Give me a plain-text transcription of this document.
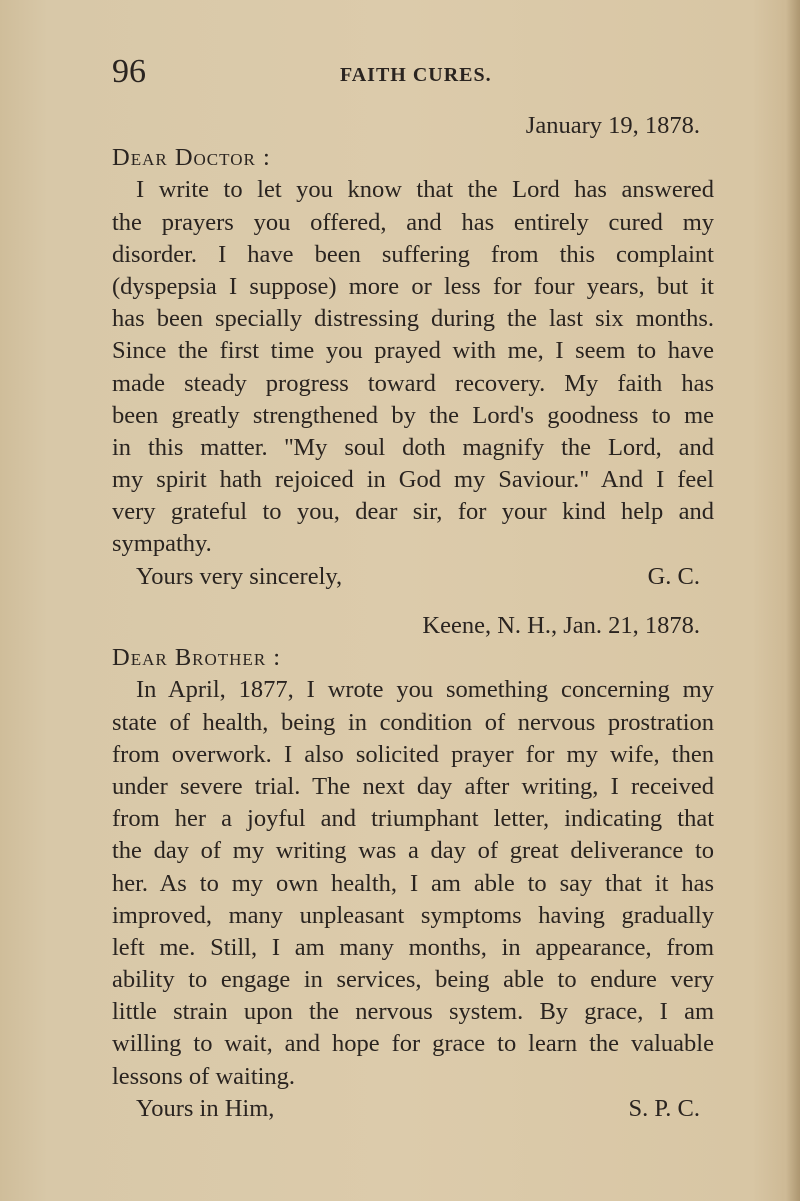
96	FAITH CURES.
January 19, 1878.
Dear Doctor :
I write to let you know that the Lord has answered
the prayers you offered, and has entirely cured my
disorder. I have been suffering from this complaint
(dyspepsia I suppose) more or less for four years, but it
has been specially distressing during the last six months.
Since the first time you prayed with me, I seem to have
made steady progress toward recovery. My faith has
been greatly strengthened by the Lord's goodness to me
in this matter. ''My soul doth magnify the Lord, and
my spirit hath rejoiced in God my Saviour." And I feel
very grateful to you, dear sir, for your kind help and
sympathy.
Yours very sincerely,	G. C.
Keene, N. H., Jan. 21, 1878.
Dear Brother :
In April, 1877, I wrote you something concerning my
state of health, being in condition of nervous prostration
from overwork. I also solicited prayer for my wife, then
under severe trial. The next day after writing, I received
from her a joyful and triumphant letter, indicating that
the day of my writing was a day of great deliverance to
her. As to my own health, I am able to say that it has
improved, many unpleasant symptoms having gradually
left me. Still, I am many months, in appearance, from
ability to engage in services, being able to endure very
little strain upon the nervous system. By grace, I am
willing to wait, and hope for grace to learn the valuable
lessons of waiting.
Yours in Him,	S. P. C.
